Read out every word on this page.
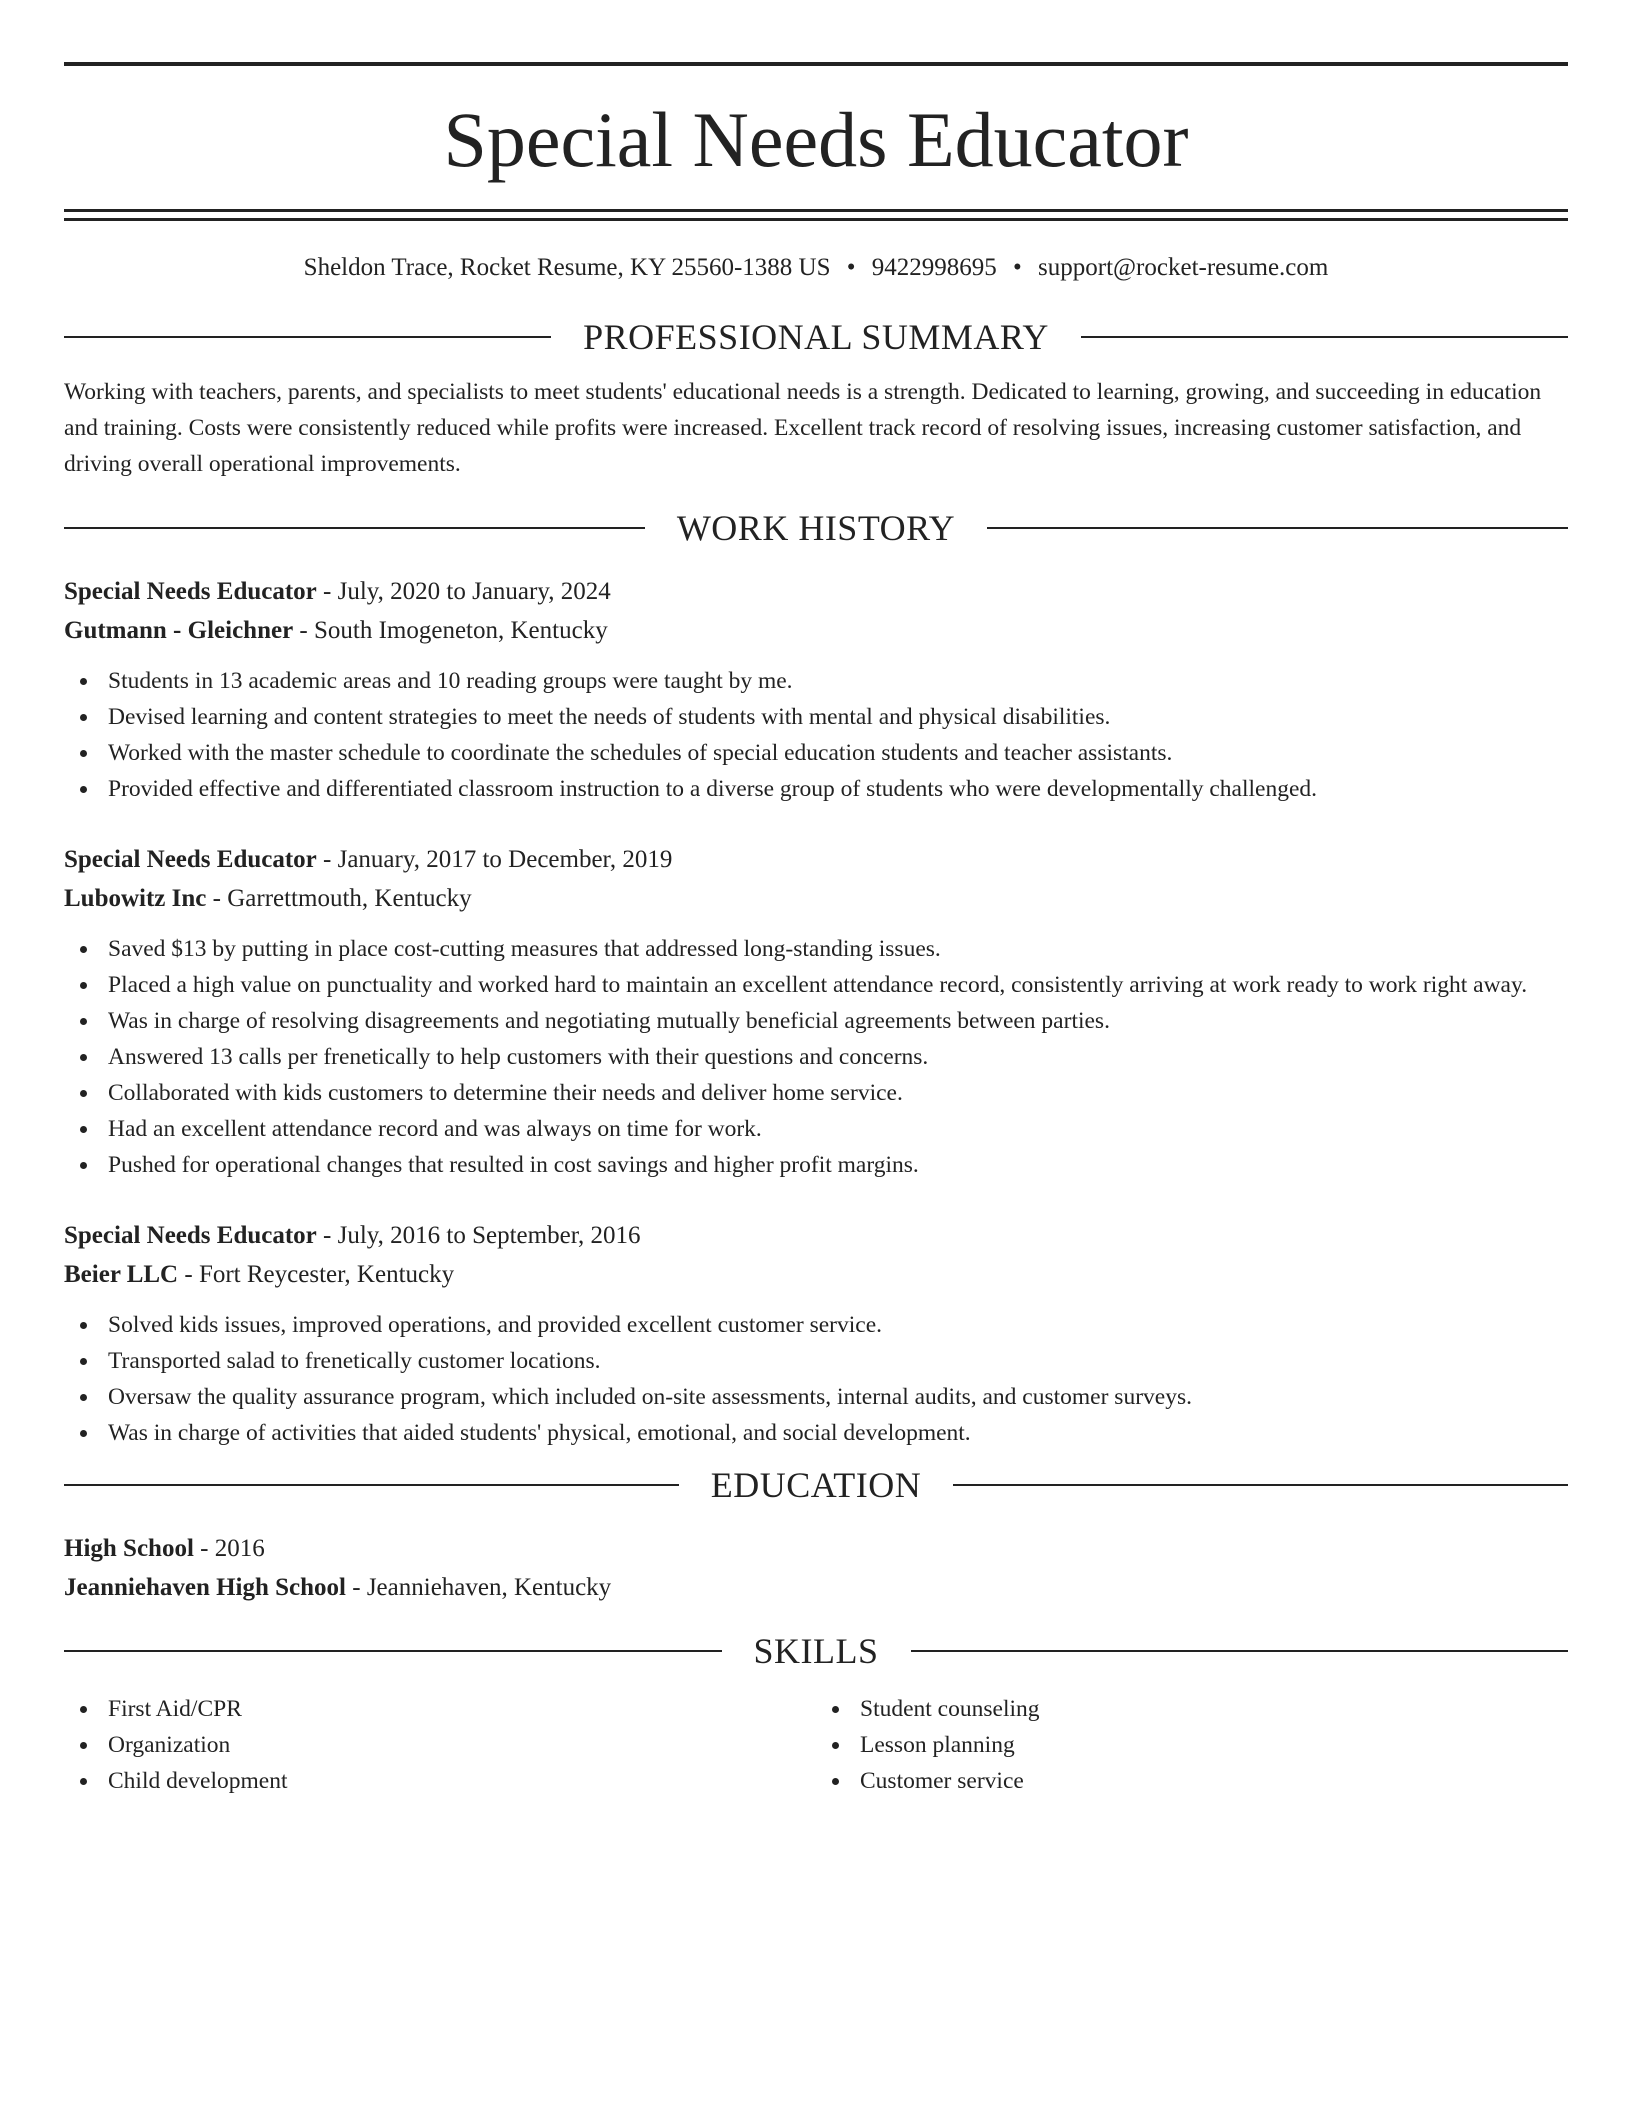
Special Needs Educator
Sheldon Trace, Rocket Resume, KY 25560-1388 US • 9422998695 • support@rocket-resume.com
PROFESSIONAL SUMMARY

Working with teachers, parents, and specialists to meet students' educational needs is a strength. Dedicated to learning, growing, and succeeding in education and training. Costs were consistently reduced while profits were increased. Excellent track record of resolving issues, increasing customer satisfaction, and driving overall operational improvements.

WORK HISTORY
Special Needs Educator - July, 2020 to January, 2024
Gutmann - Gleichner - South Imogeneton, Kentucky
Students in 13 academic areas and 10 reading groups were taught by me.
Devised learning and content strategies to meet the needs of students with mental and physical disabilities.
Worked with the master schedule to coordinate the schedules of special education students and teacher assistants.
Provided effective and differentiated classroom instruction to a diverse group of students who were developmentally challenged.
Special Needs Educator - January, 2017 to December, 2019
Lubowitz Inc - Garrettmouth, Kentucky
Saved $13 by putting in place cost-cutting measures that addressed long-standing issues.
Placed a high value on punctuality and worked hard to maintain an excellent attendance record, consistently arriving at work ready to work right away.
Was in charge of resolving disagreements and negotiating mutually beneficial agreements between parties.
Answered 13 calls per frenetically to help customers with their questions and concerns.
Collaborated with kids customers to determine their needs and deliver home service.
Had an excellent attendance record and was always on time for work.
Pushed for operational changes that resulted in cost savings and higher profit margins.
Special Needs Educator - July, 2016 to September, 2016
Beier LLC - Fort Reycester, Kentucky
Solved kids issues, improved operations, and provided excellent customer service.
Transported salad to frenetically customer locations.
Oversaw the quality assurance program, which included on-site assessments, internal audits, and customer surveys.
Was in charge of activities that aided students' physical, emotional, and social development.
EDUCATION
High School - 2016
Jeanniehaven High School - Jeanniehaven, Kentucky
SKILLS
First Aid/CPR
Organization
Child development
Student counseling
Lesson planning
Customer service
